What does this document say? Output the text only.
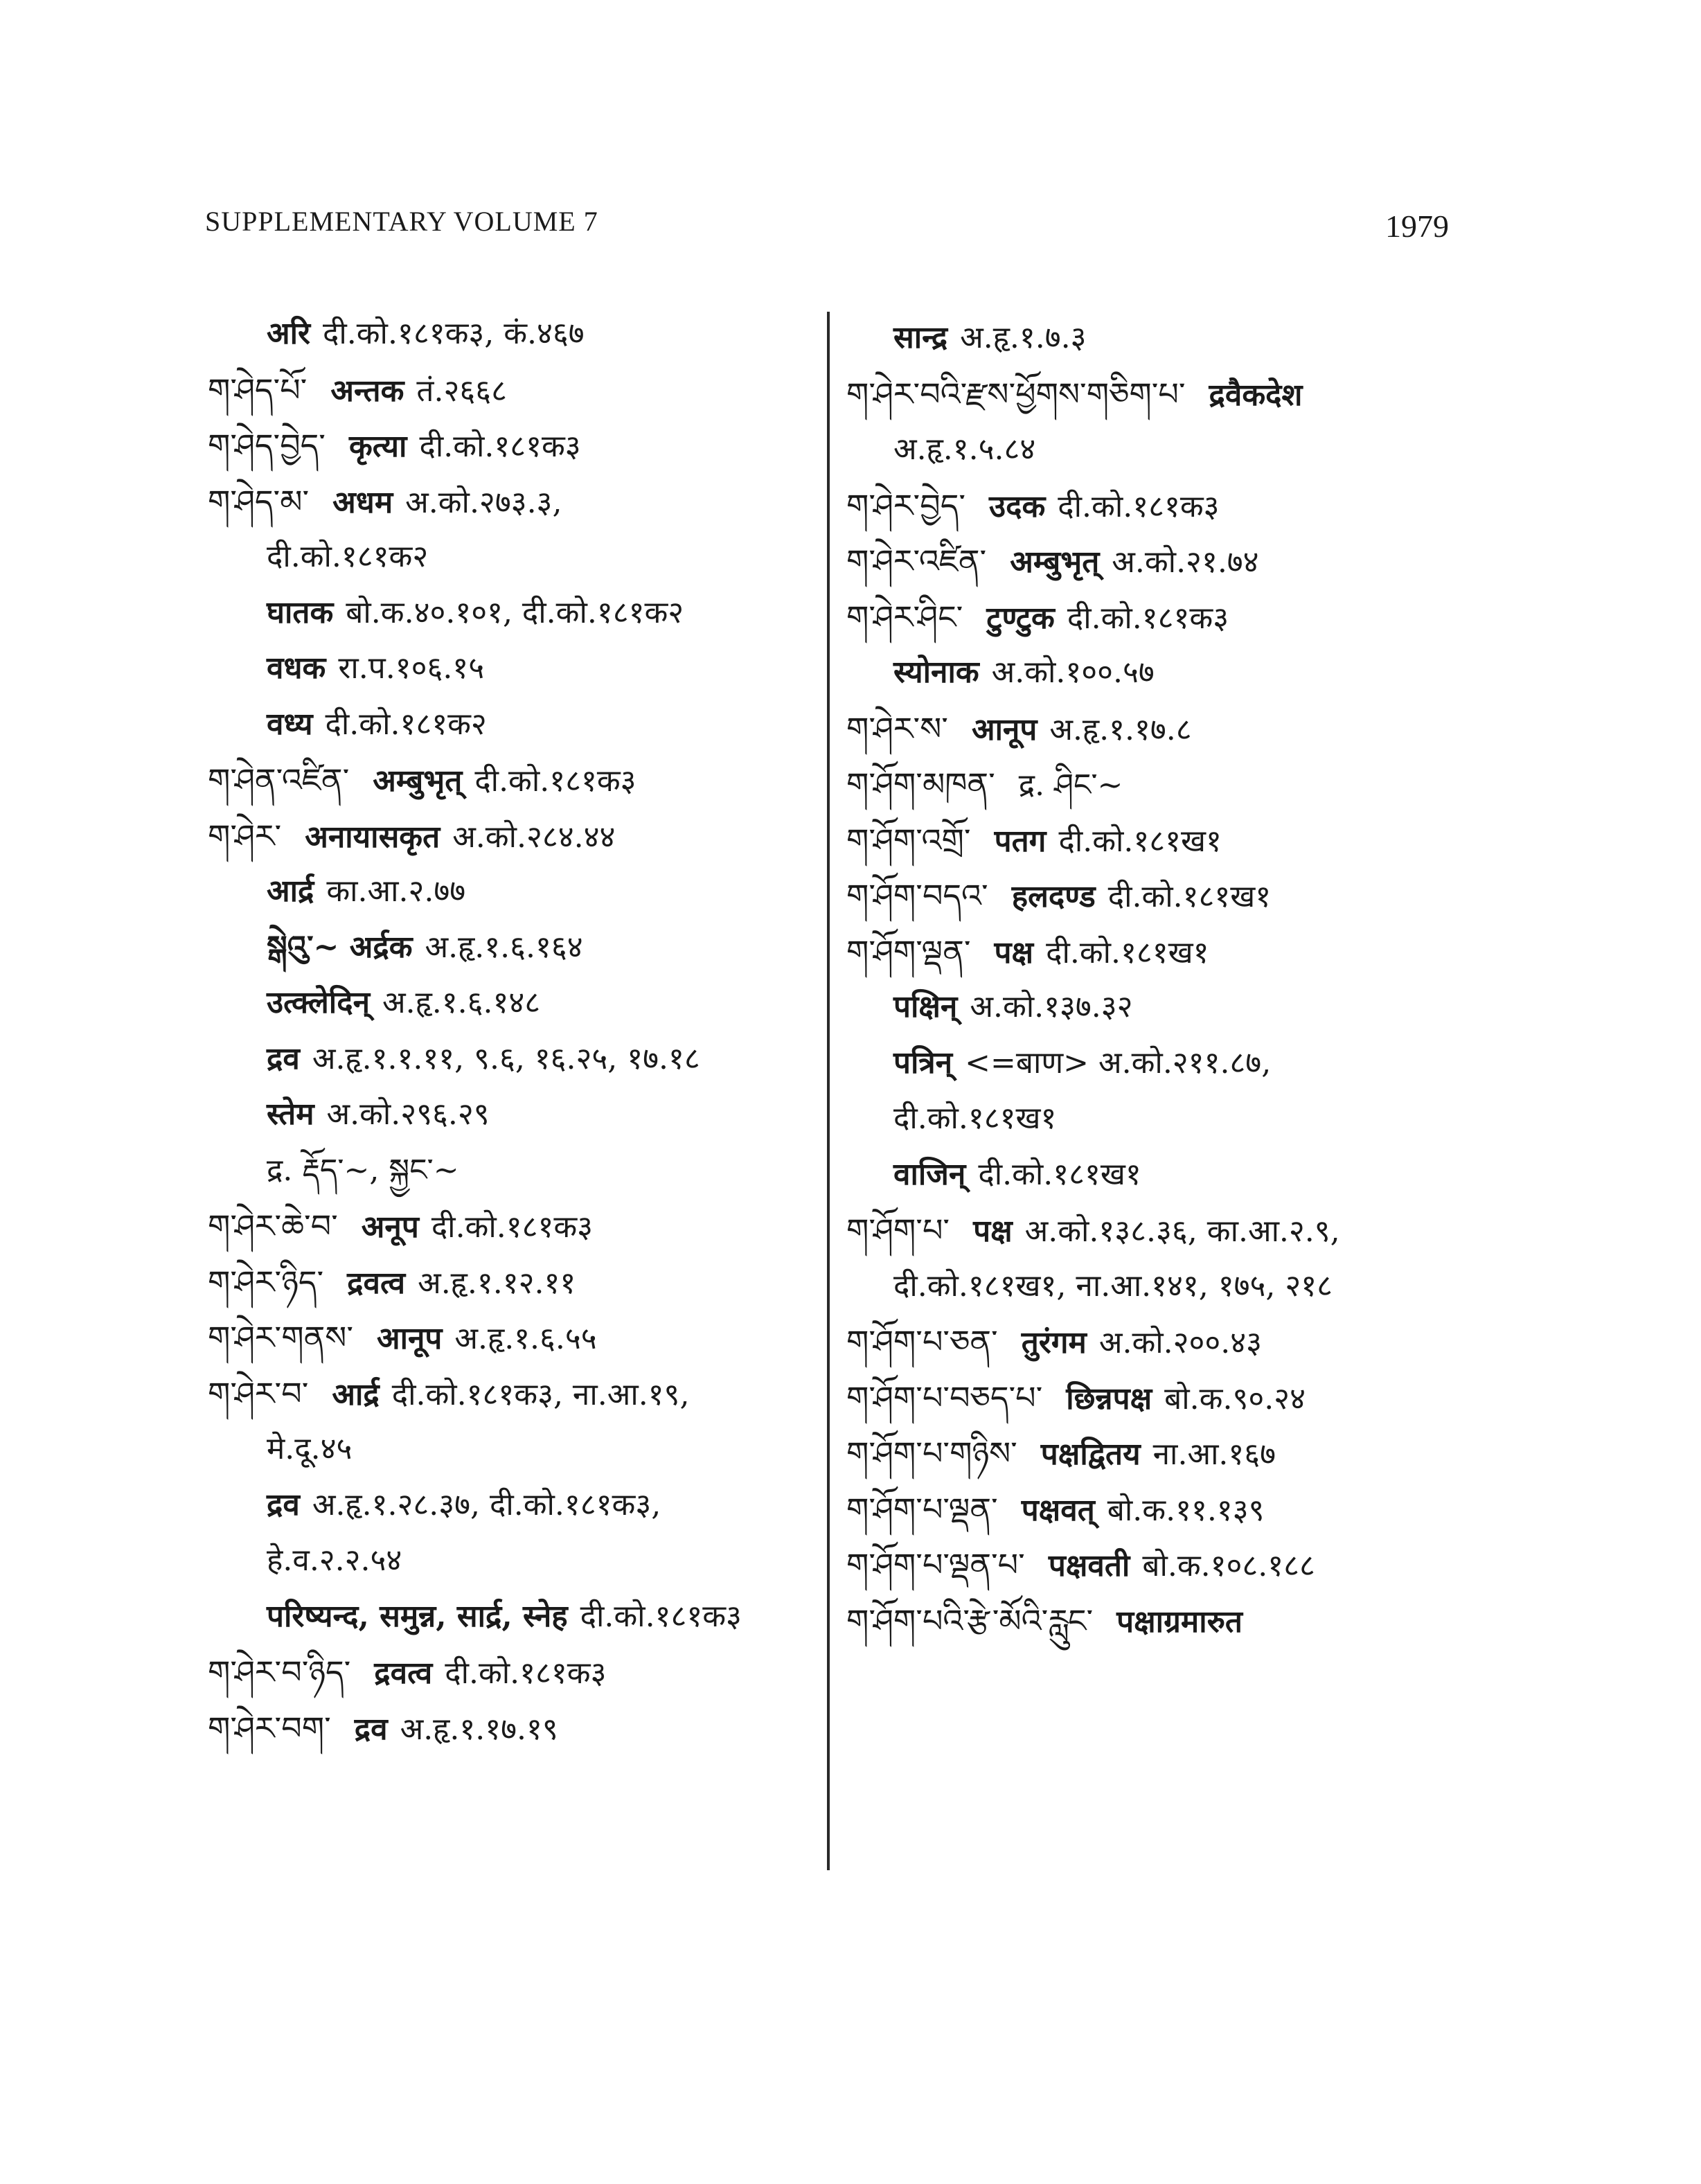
SUPPLEMENTARY VOLUME 7	1979
अरि दी.को.१८१क३, कं.४६७
ག་ཤེད་པོ་ अन्तक तं.२६६८
ག་ཤེད་བྱེད་ कृत्या दी.को.१८१क३
ག་ཤེད་མ་ अधम अ.को.२७३.३,
दी.को.१८१क२
घातक बो.क.४०.१०१, दी.को.१८१क२
वधक रा.प.१०६.१५
वध्य दी.को.१८१क२
ག་ཤེན་འཛིན་ अम्बुभृत् दी.को.१८१क३
ག་ཤེར་ अनायासकृत अ.को.२८४.४४
आर्द्र का.आ.२.७७
སྒེའུ་~ अर्द्रक अ.हृ.१.६.१६४
उत्क्लेदिन् अ.हृ.१.६.१४८
द्रव अ.हृ.१.१.११, ९.६, १६.२५, १७.१८
स्तेम अ.को.२९६.२९
द्र. རྡོད་~, སྐྱང་~
ག་ཤེར་ཆེ་བ་ अनूप दी.को.१८१क३
ག་ཤེར་ཉིད་ द्रवत्व अ.हृ.१.१२.११
ག་ཤེར་གནས་ आनूप अ.हृ.१.६.५५
ག་ཤེར་བ་ आर्द्र दी.को.१८१क३, ना.आ.१९,
मे.दू.४५
द्रव अ.हृ.१.२८.३७, दी.को.१८१क३,
हे.व.२.२.५४
परिष्यन्द, समुन्न, सार्द्र, स्नेह दी.को.१८१क३
ག་ཤེར་བ་ཉིད་ द्रवत्व दी.को.१८१क३
ག་ཤེར་བག་ द्रव अ.हृ.१.१७.१९
सान्द्र अ.हृ.१.७.३
ག་ཤེར་བའི་རྫས་ཕྱོགས་གཅིག་པ་ द्रवैकदेश
अ.हृ.१.५.८४
ག་ཤེར་བྱེད་ उदक दी.को.१८१क३
ག་ཤེར་འཛིན་ अम्बुभृत् अ.को.२१.७४
ག་ཤེར་ཤིང་ टुण्टुक दी.को.१८१क३
स्योनाक अ.को.१००.५७
ག་ཤེར་ས་ आनूप अ.हृ.१.१७.८
ག་ཤོག་མཁན་ द्र. ཤིང་~
ག་ཤོག་འགྲོ་ पतग दी.को.१८१ख१
ག་ཤོག་བདའ་ हलदण्ड दी.को.१८१ख१
ག་ཤོག་ལྡན་ पक्ष दी.को.१८१ख१
पक्षिन् अ.को.१३७.३२
पत्रिन् <=बाण> अ.को.२११.८७,
दी.को.१८१ख१
वाजिन् दी.को.१८१ख१
ག་ཤོག་པ་ पक्ष अ.को.१३८.३६, का.आ.२.९,
दी.को.१८१ख१, ना.आ.१४१, १७५, २१८
ག་ཤོག་པ་ཅན་ तुरंगम अ.को.२००.४३
ག་ཤོག་པ་བཅད་པ་ छिन्नपक्ष बो.क.९०.२४
ག་ཤོག་པ་གཉིས་ पक्षद्वितय ना.आ.१६७
ག་ཤོག་པ་ལྡན་ पक्षवत् बो.क.११.१३९
ག་ཤོག་པ་ལྡན་པ་ पक्षवती बो.क.१०८.१८८
ག་ཤོག་པའི་རྩེ་མོའི་རླུང་ पक्षाग्रमारुत
